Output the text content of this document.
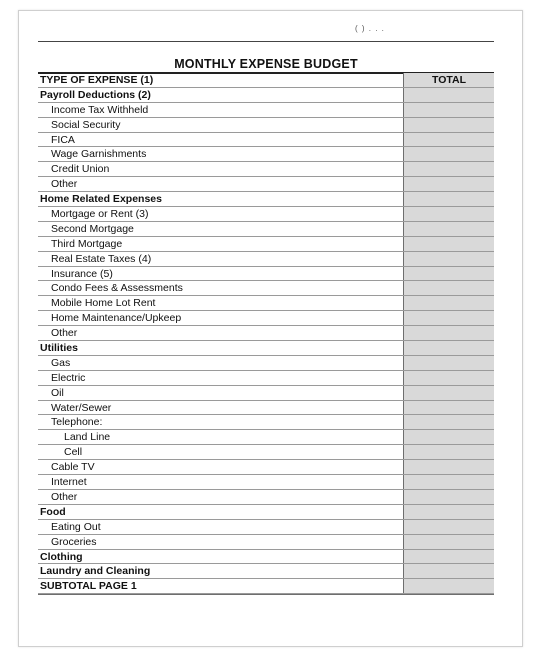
( ) . . .
MONTHLY EXPENSE BUDGET
TYPE OF EXPENSE (1)	TOTAL
Payroll Deductions (2)
Income Tax Withheld
Social Security
FICA
Wage Garnishments
Credit Union
Other
Home Related Expenses
Mortgage or Rent (3)
Second Mortgage
Third Mortgage
Real Estate Taxes (4)
Insurance (5)
Condo Fees & Assessments
Mobile Home Lot Rent
Home Maintenance/Upkeep
Other
Utilities
Gas
Electric
Oil
Water/Sewer
Telephone:
Land Line
Cell
Cable TV
Internet
Other
Food
Eating Out
Groceries
Clothing
Laundry and Cleaning
SUBTOTAL PAGE 1
